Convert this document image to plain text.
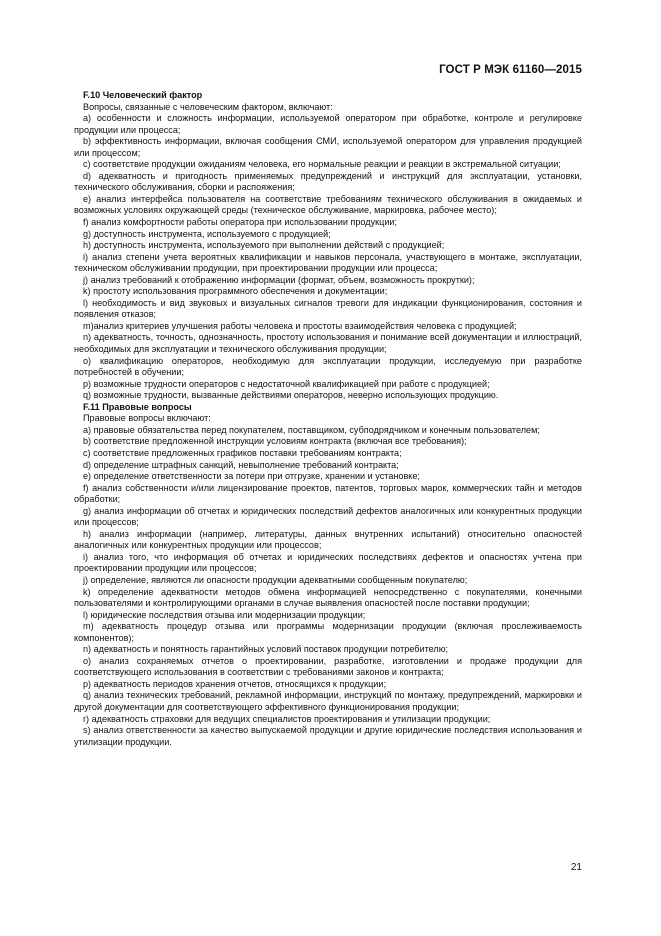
ГОСТ Р МЭК 61160—2015
F.10 Человеческий фактор

Вопросы, связанные с человеческим фактором, включают:

a) особенности и сложность информации, используемой оператором при обработке, контроле и регулировке продукции или процесса;

b) эффективность информации, включая сообщения СМИ, используемой оператором для управления продукцией или процессом;

c) соответствие продукции ожиданиям человека, его нормальные реакции и реакции в экстремальной ситуации;

d) адекватность и пригодность применяемых предупреждений и инструкций для эксплуатации, установки, технического обслуживания, сборки и распояжения;

e) анализ интерфейса пользователя на соответствие требованиям технического обслуживания в ожидаемых и возможных условиях окружающей среды (техническое обслуживание, маркировка, рабочее место);

f) анализ комфортности работы оператора при использовании продукции;

g) доступность инструмента, используемого с продукцией;

h) доступность инструмента, используемого при выполнении действий с продукцией;

i) анализ степени учета вероятных квалификации и навыков персонала, участвующего в монтаже, эксплуатации, техническом обслуживании продукции, при проектировании продукции или процесса;

j) анализ требований к отображению информации (формат, объем, возможность прокрутки);

k) простоту использования программного обеспечения и документации;

l) необходимость и вид звуковых и визуальных сигналов тревоги для индикации функционирования, состояния и появления отказов;

m)анализ критериев улучшения работы человека и простоты взаимодействия человека с продукцией;

n) адекватность, точность, однозначность, простоту использования и понимание всей документации и иллюстраций, необходимых для эксплуатации и технического обслуживания продукции;

o) квалификацию операторов, необходимую для эксплуатации продукции, исследуемую при разработке потребностей в обучении;

p) возможные трудности операторов с недостаточной квалификацией при работе с продукцией;

q) возможные трудности, вызванные действиями операторов, неверно использующих продукцию.

F.11 Правовые вопросы

Правовые вопросы включают:

a) правовые обязательства перед покупателем, поставщиком, субподрядчиком и конечным пользователем;

b) соответствие предложенной инструкции условиям контракта (включая все требования);

c) соответствие предложенных графиков поставки требованиям контракта;

d) определение штрафных санкций, невыполнение требований контракта;

e) определение ответственности за потери при отгрузке, хранении и установке;

f) анализ собственности и/или лицензирование проектов, патентов, торговых марок, коммерческих тайн и методов обработки;

g) анализ информации об отчетах и юридических последствий дефектов аналогичных или конкурентных продукции или процессов;

h) анализ информации (например, литературы, данных внутренних испытаний) относительно опасностей аналогичных или конкурентных продукции или процессов;

i) анализ того, что информация об отчетах и юридических последствиях дефектов и опасностях учтена при проектировании продукции или процессов;

j) определение, являются ли опасности продукции адекватными сообщенным покупателю;

k) определение адекватности методов обмена информацией непосредственно с покупателями, конечными пользователями и контролирующими органами в случае выявления опасностей после поставки продукции;

l) юридические последствия отзыва или модернизации продукции;

m) адекватность процедур отзыва или программы модернизации продукции (включая прослеживаемость компонентов);

n) адекватность и понятность гарантийных условий поставок продукции потребителю;

o) анализ сохраняемых отчетов о проектировании, разработке, изготовлении и продаже продукции для соответствующего использования в соответствии с требованиями законов и контракта;

p) адекватность периодов хранения отчетов, относящихся к продукции;

q) анализ технических требований, рекламной информации, инструкций по монтажу, предупреждений, маркировки и другой документации для соответствующего эффективного функционирования продукции;

r) адекватность страховки для ведущих специалистов проектирования и утилизации продукции;

s) анализ ответственности за качество выпускаемой продукции и другие юридические последствия использования и утилизации продукции.

21
